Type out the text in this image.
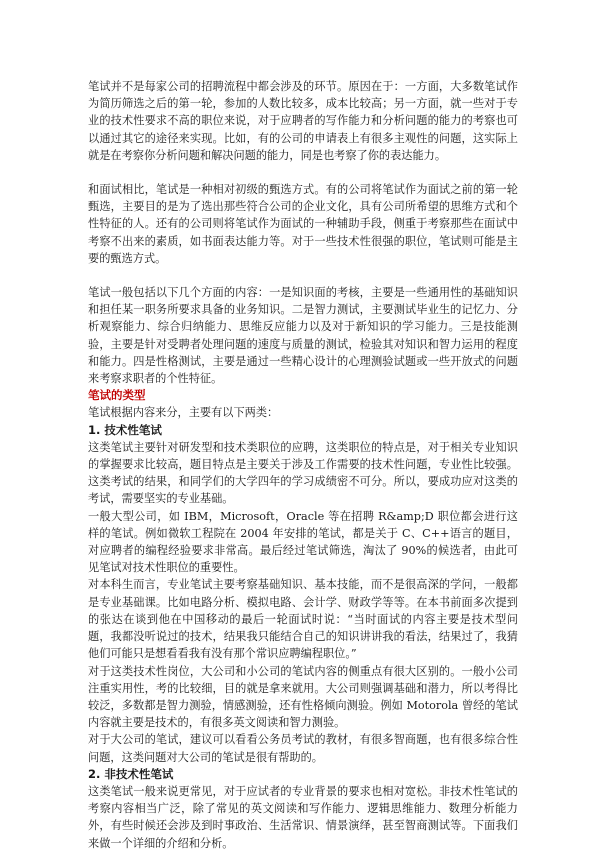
笔试并不是每家公司的招聘流程中都会涉及的环节。原因在于：一方面，大多数笔试作为简历筛选之后的第一轮，参加的人数比较多，成本比较高；另一方面，就一些对于专业的技术性要求不高的职位来说，对于应聘者的写作能力和分析问题的能力的考察也可以通过其它的途径来实现。比如，有的公司的申请表上有很多主观性的问题，这实际上就是在考察你分析问题和解决问题的能力，同是也考察了你的表达能力。

和面试相比，笔试是一种相对初级的甄选方式。有的公司将笔试作为面试之前的第一轮甄选，主要目的是为了选出那些符合公司的企业文化，具有公司所希望的思维方式和个性特征的人。还有的公司则将笔试作为面试的一种辅助手段，侧重于考察那些在面试中考察不出来的素质，如书面表达能力等。对于一些技术性很强的职位，笔试则可能是主要的甄选方式。

笔试一般包括以下几个方面的内容：一是知识面的考核，主要是一些通用性的基础知识和担任某一职务所要求具备的业务知识。二是智力测试，主要测试毕业生的记忆力、分析观察能力、综合归纳能力、思维反应能力以及对于新知识的学习能力。三是技能测验，主要是针对受聘者处理问题的速度与质量的测试，检验其对知识和智力运用的程度和能力。四是性格测试，主要是通过一些精心设计的心理测验试题或一些开放式的问题来考察求职者的个性特征。

笔试的类型

笔试根据内容来分，主要有以下两类：

1. 技术性笔试

这类笔试主要针对研发型和技术类职位的应聘，这类职位的特点是，对于相关专业知识的掌握要求比较高，题目特点是主要关于涉及工作需要的技术性问题，专业性比较强。这类考试的结果，和同学们的大学四年的学习成绩密不可分。所以，要成功应对这类的考试，需要坚实的专业基础。

一般大型公司，如 IBM，Microsoft，Oracle 等在招聘 R&amp;D 职位都会进行这样的笔试。例如微软工程院在 2004 年安排的笔试，都是关于 C、C++语言的题目，对应聘者的编程经验要求非常高。最后经过笔试筛选，淘汰了 90%的候选者，由此可见笔试对技术性职位的重要性。

对本科生而言，专业笔试主要考察基础知识、基本技能，而不是很高深的学问，一般都是专业基础课。比如电路分析、模拟电路、会计学、财政学等等。在本书前面多次提到的张达在谈到他在中国移动的最后一轮面试时说：“当时面试的内容主要是技术型问题，我都没听说过的技术，结果我只能结合自己的知识讲讲我的看法，结果过了，我猜他们可能只是想看看我有没有那个常识应聘编程职位。”

对于这类技术性岗位，大公司和小公司的笔试内容的侧重点有很大区别的。一般小公司注重实用性，考的比较细，目的就是拿来就用。大公司则强调基础和潜力，所以考得比较泛，多数都是智力测验，情感测验，还有性格倾向测验。例如 Motorola 曾经的笔试内容就主要是技术的，有很多英文阅读和智力测验。

对于大公司的笔试，建议可以看看公务员考试的教材，有很多智商题，也有很多综合性问题，这类问题对大公司的笔试是很有帮助的。

2. 非技术性笔试

这类笔试一般来说更常见，对于应试者的专业背景的要求也相对宽松。非技术性笔试的考察内容相当广泛，除了常见的英文阅读和写作能力、逻辑思维能力、数理分析能力外，有些时候还会涉及到时事政治、生活常识、情景演绎，甚至智商测试等。下面我们来做一个详细的介绍和分析。
